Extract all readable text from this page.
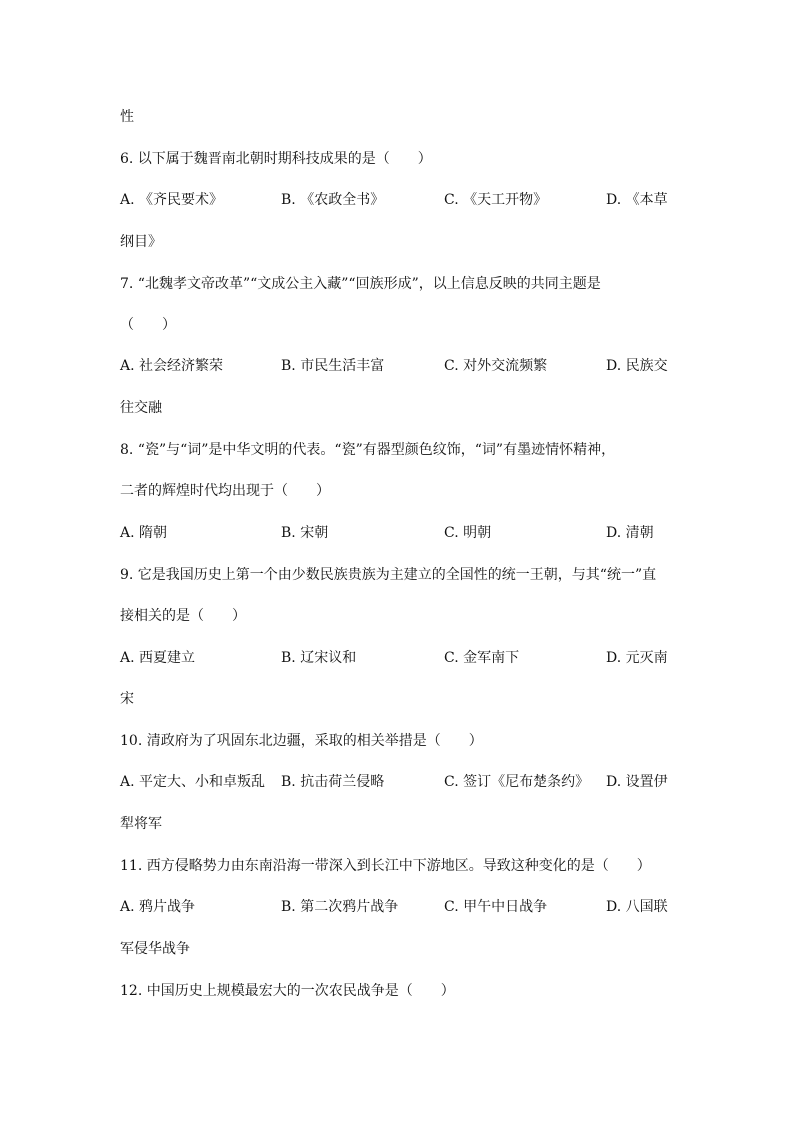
性
6. 以下属于魏晋南北朝时期科技成果的是（　　）
A. 《齐民要术》	B. 《农政全书》	C. 《天工开物》	D. 《本草
纲目》
7. “北魏孝文帝改革”“文成公主入藏”“回族形成”，以上信息反映的共同主题是
（　　）
A. 社会经济繁荣	B. 市民生活丰富	C. 对外交流频繁	D. 民族交
往交融
8. “瓷”与“词”是中华文明的代表。“瓷”有器型颜色纹饰，“词”有墨迹情怀精神，
二者的辉煌时代均出现于（　　）
A. 隋朝	B. 宋朝	C. 明朝	D. 清朝
9. 它是我国历史上第一个由少数民族贵族为主建立的全国性的统一王朝，与其“统一”直
接相关的是（　　）
A. 西夏建立	B. 辽宋议和	C. 金军南下	D. 元灭南
宋
10. 清政府为了巩固东北边疆，采取的相关举措是（　　）
A. 平定大、小和卓叛乱 B. 抗击荷兰侵略	C. 签订《尼布楚条约》 D. 设置伊
犁将军
11. 西方侵略势力由东南沿海一带深入到长江中下游地区。导致这种变化的是（　　）
A. 鸦片战争	B. 第二次鸦片战争	C. 甲午中日战争	D. 八国联
军侵华战争
12. 中国历史上规模最宏大的一次农民战争是（　　）
